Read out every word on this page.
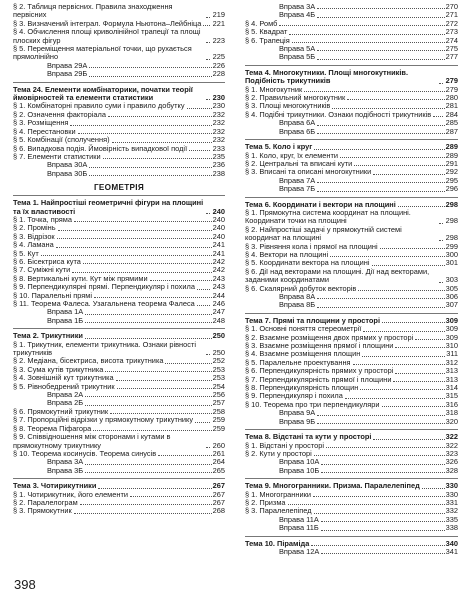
§ 2. Таблиця первісних. Правила знаходження первісних	219
§ 3. Визначений інтеграл. Формула Ньютона–Лейбніца 221
§ 4. Обчислення площі криволінійної трапеції та площі плоских фігур	223
§ 5. Переміщення матеріальної точки, що рухається прямолінійно	225
Вправа 29А	226
Вправа 29Б	228
Тема 24. Елементи комбінаторики, початки теорії ймовірностей та елементи статистики	230
§ 1. Комбінаторні правило суми і правило добутку	230
§ 2. Означення факторіала	232
§ 3. Розміщення	232
§ 4. Перестановки	232
§ 5. Комбінації (сполучення)	232
§ 6. Випадкова подія. Ймовірність випадкової події	233
§ 7. Елементи статистики	235
Вправа 30А	236
Вправа 30Б	238
ГЕОМЕТРІЯ
Тема 1. Найпростіші геометричні фігури на площині та їх властивості	240
§ 1. Точка, пряма	240
§ 2. Промінь	240
§ 3. Відрізок	240
§ 4. Ламана	241
§ 5. Кут	241
§ 6. Бісектриса кута	242
§ 7. Суміжні кути	242
§ 8. Вертикальні кути. Кут між прямими	243
§ 9. Перпендикулярні прямі. Перпендикуляр і похила 243
§ 10. Паралельні прямі	244
§ 11. Теорема Фалеса. Узагальнена теорема Фалеса 246
Вправа 1А	247
Вправа 1Б	248
Тема 2. Трикутники	250
§ 1. Трикутник, елементи трикутника. Ознаки рівності трикутників	250
§ 2. Медіана, бісектриса, висота трикутника	252
§ 3. Сума кутів трикутника	253
§ 4. Зовнішній кут трикутника	253
§ 5. Рівнобедрений трикутник	254
Вправа 2А	256
Вправа 2Б	257
§ 6. Прямокутний трикутник	258
§ 7. Пропорційні відрізки у прямокутному трикутнику	259
§ 8. Теорема Піфагора	259
§ 9. Співвідношення між сторонами і кутами в прямокутному трикутнику	260
§ 10. Теорема косинусів. Теорема синусів	261
Вправа 3А	264
Вправа 3Б	265
Тема 3. Чотирикутники	267
§ 1. Чотирикутник, його елементи	267
§ 2. Паралелограм	267
§ 3. Прямокутник	268
Вправа 3А	270
Вправа 4Б	271
§ 4. Ромб	272
§ 5. Квадрат	273
§ 6. Трапеція	274
Вправа 5А	275
Вправа 5Б	277
Тема 4. Многокутники. Площі многокутників. Подібність трикутників	279
§ 1. Многокутник	279
§ 2. Правильний многокутник	280
§ 3. Площі многокутників	281
§ 4. Подібні трикутники. Ознаки подібності трикутників 284
Вправа 6А	285
Вправа 6Б	287
Тема 5. Коло і круг	289
§ 1. Коло, круг, їх елементи	289
§ 2. Центральні та вписані кути	291
§ 3. Вписані та описані многокутники	292
Вправа 7А	295
Вправа 7Б	296
Тема 6. Координати і вектори на площині	298
§ 1. Прямокутна система координат на площині. Координати точки на площині	298
§ 2. Найпростіші задачі у прямокутній системі координат на площині	298
§ 3. Рівняння кола і прямої на площині	299
§ 4. Вектори на площині	300
§ 5. Координати вектора на площині	301
§ 6. Дії над векторами на площині. Дії над векторами, заданими координатами	303
§ 6. Скалярний добуток векторів	305
Вправа 8А	306
Вправа 8Б	307
Тема 7. Прямі та площини у просторі	309
§ 1. Основні поняття стереометрії	309
§ 2. Взаємне розміщення двох прямих у просторі	309
§ 3. Взаємне розміщення прямої і площини	310
§ 4. Взаємне розміщення площин	311
§ 5. Паралельне проектування	312
§ 6. Перпендикулярність прямих у просторі	313
§ 7. Перпендикулярність прямої і площини	313
§ 8. Перпендикулярність площин	314
§ 9. Перпендикуляр і похила	315
§ 10. Теорема про три перпендикуляри	316
Вправа 9А	318
Вправа 9Б	320
Тема 8. Відстані та кути у просторі	322
§ 1. Відстані у просторі	322
§ 2. Кути у просторі	323
Вправа 10А	326
Вправа 10Б	328
Тема 9. Многогранники. Призма. Паралелепіпед	330
§ 1. Многогранники	330
§ 2. Призма	331
§ 3. Паралелепіпед	332
Вправа 11А	335
Вправа 11Б	338
Тема 10. Піраміда	340
Вправа 12А	341
398
